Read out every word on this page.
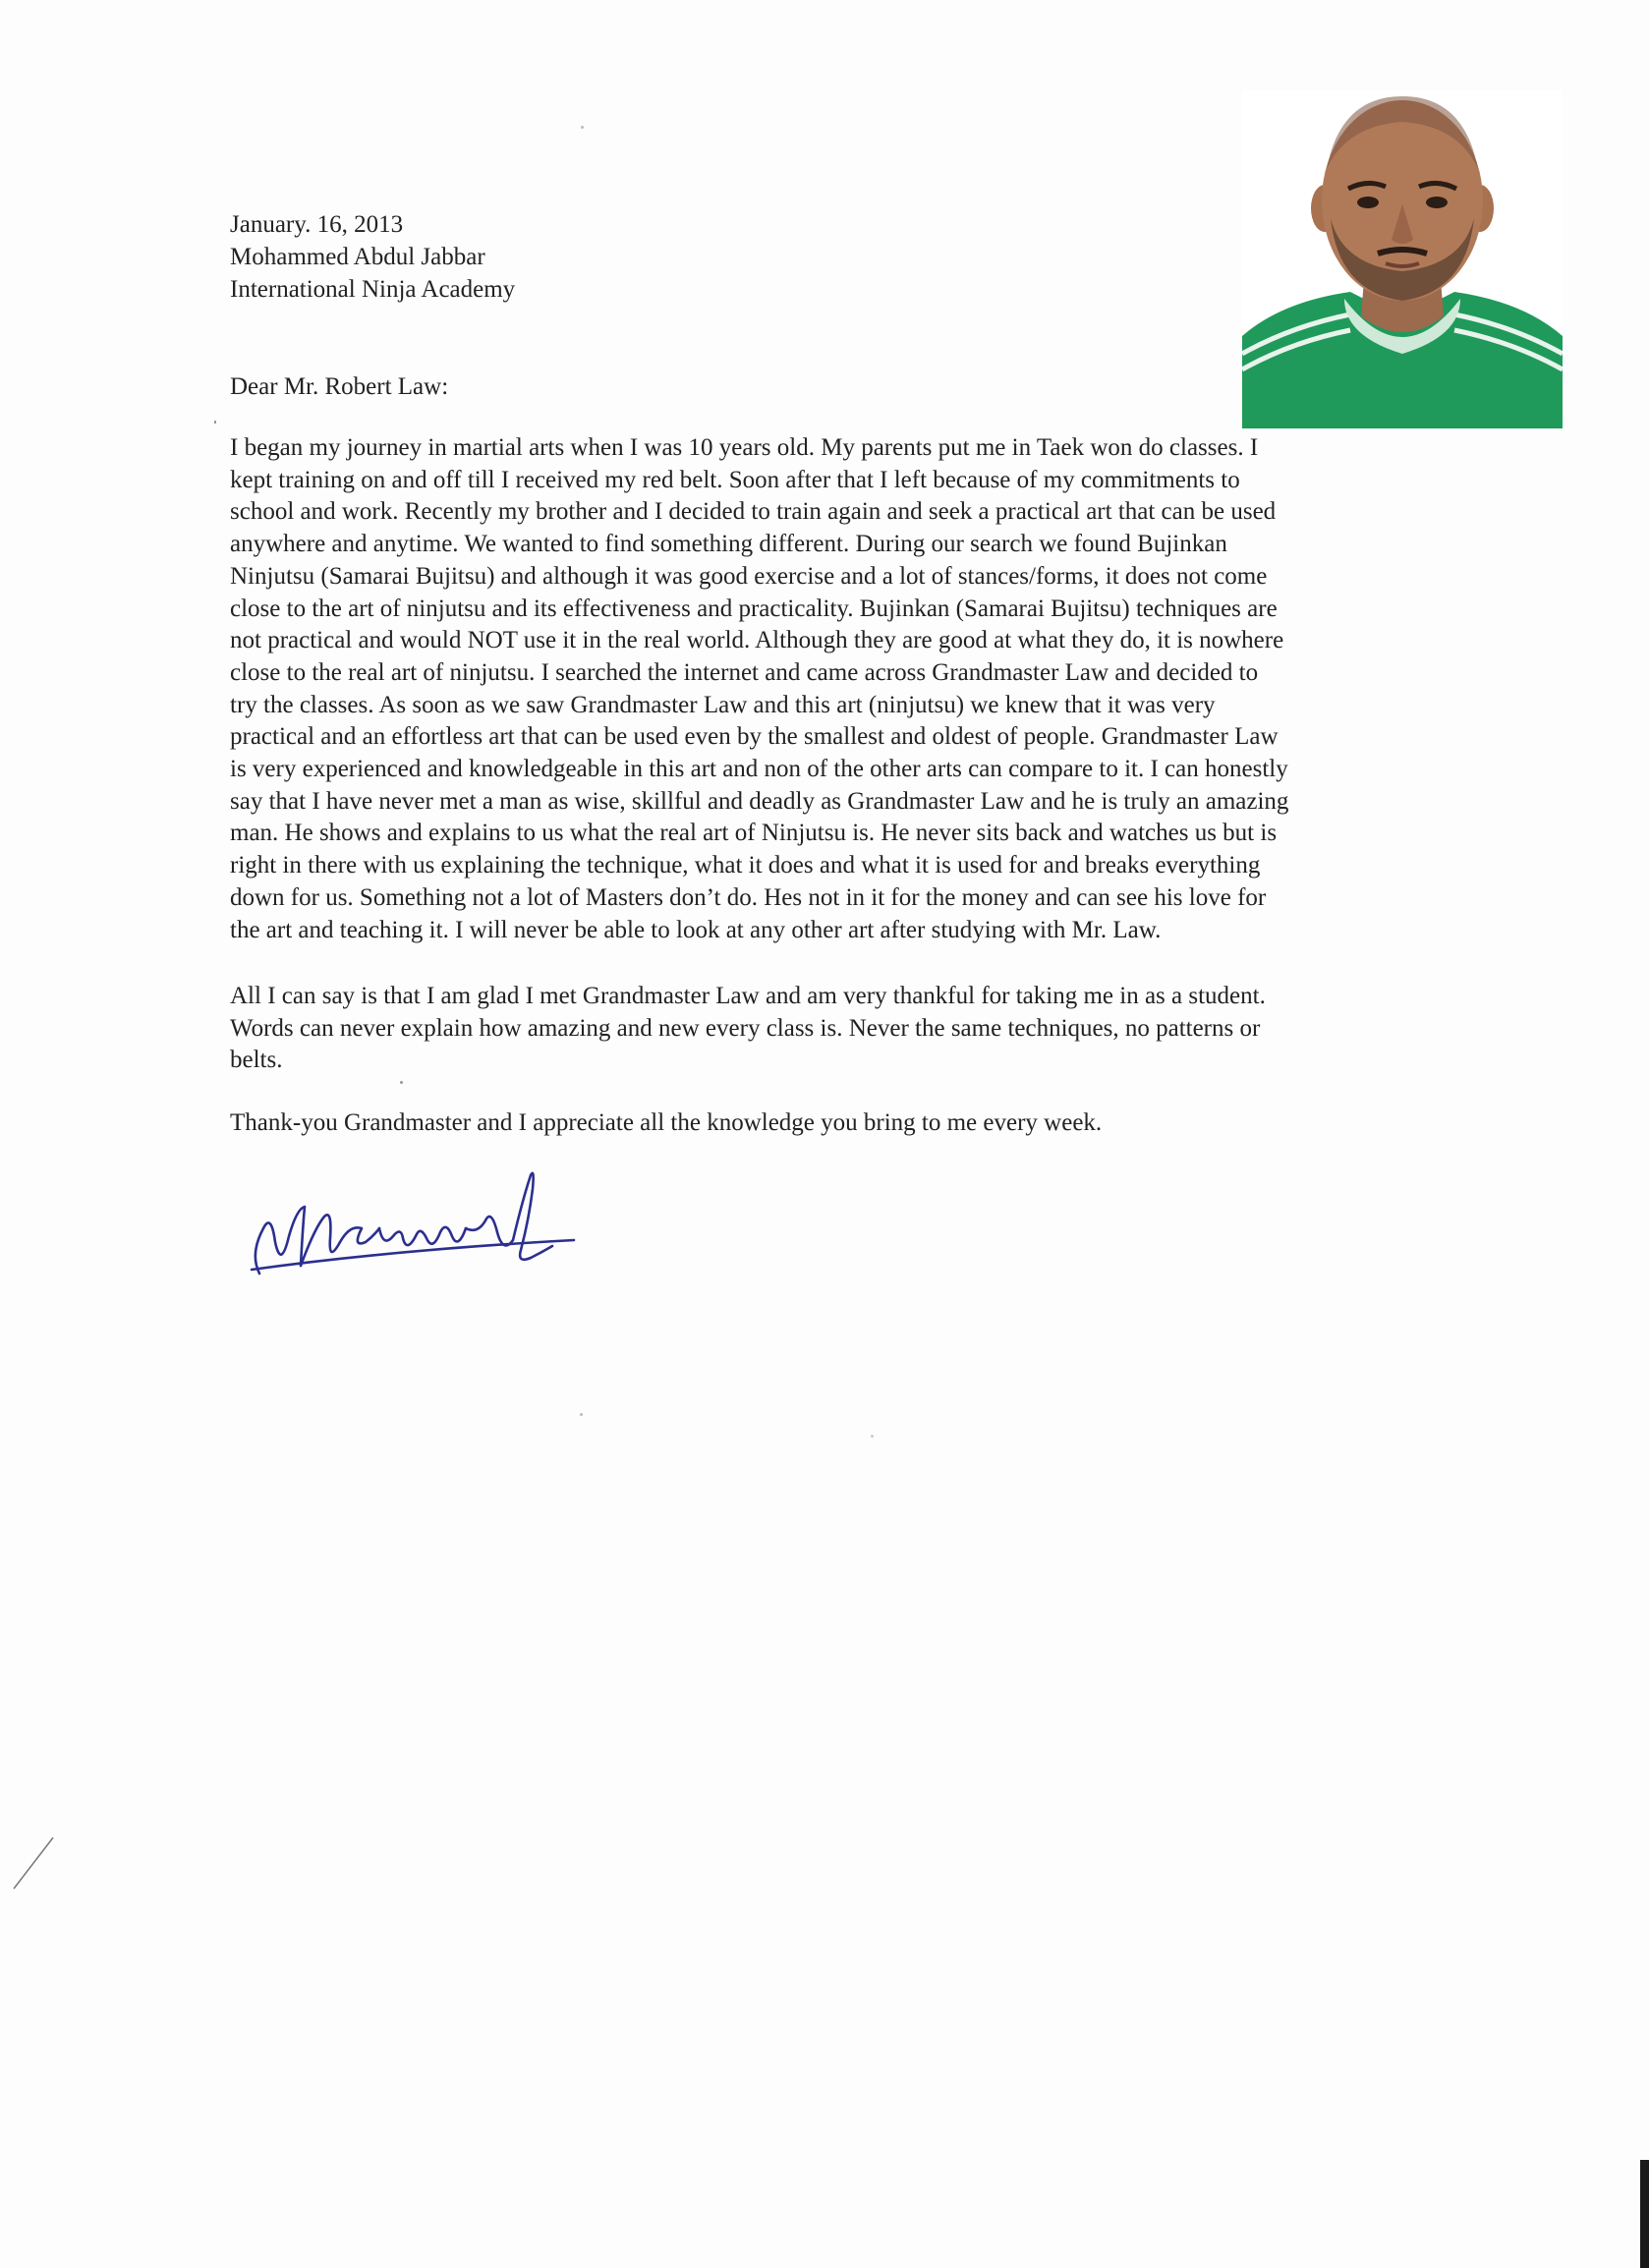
January. 16, 2013
Mohammed Abdul Jabbar
International Ninja Academy
Dear Mr. Robert Law:
I began my journey in martial arts when I was 10 years old. My parents put me in Taek won do classes. I
kept training on and off till I received my red belt. Soon after that I left because of my commitments to
school and work. Recently my brother and I decided to train again and seek a practical art that can be used
anywhere and anytime. We wanted to find something different. During our search we found Bujinkan
Ninjutsu (Samarai Bujitsu) and although it was good exercise and a lot of stances/forms, it does not come
close to the art of ninjutsu and its effectiveness and practicality. Bujinkan (Samarai Bujitsu) techniques are
not practical and would NOT use it in the real world. Although they are good at what they do, it is nowhere
close to the real art of ninjutsu. I searched the internet and came across Grandmaster Law and decided to
try the classes. As soon as we saw Grandmaster Law and this art (ninjutsu) we knew that it was very
practical and an effortless art that can be used even by the smallest and oldest of people. Grandmaster Law
is very experienced and knowledgeable in this art and non of the other arts can compare to it. I can honestly
say that I have never met a man as wise, skillful and deadly as Grandmaster Law and he is truly an amazing
man. He shows and explains to us what the real art of Ninjutsu is. He never sits back and watches us but is
right in there with us explaining the technique, what it does and what it is used for and breaks everything
down for us. Something not a lot of Masters don’t do. Hes not in it for the money and can see his love for
the art and teaching it. I will never be able to look at any other art after studying with Mr. Law.
All I can say is that I am glad I met Grandmaster Law and am very thankful for taking me in as a student.
Words can never explain how amazing and new every class is. Never the same techniques, no patterns or
belts.
Thank-you Grandmaster and I appreciate all the knowledge you bring to me every week.
